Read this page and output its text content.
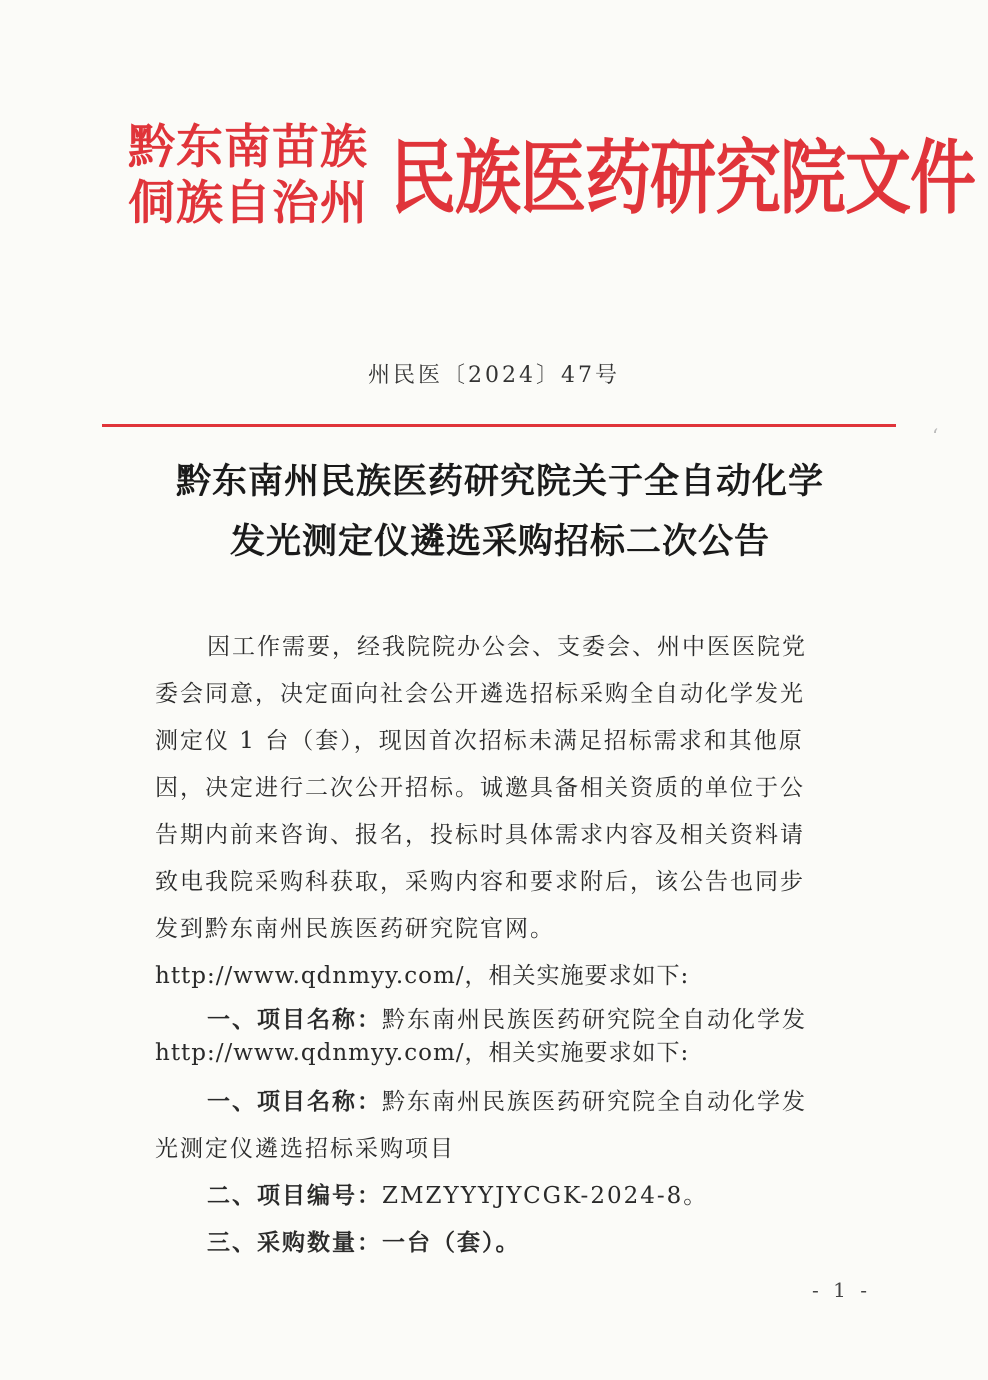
黔东南苗族
侗族自治州 民族医药研究院文件
州民医〔2024〕47号
‘
黔东南州民族医药研究院关于全自动化学
发光测定仪遴选采购招标二次公告
因工作需要，经我院院办公会、支委会、州中医医院党
委会同意，决定面向社会公开遴选招标采购全自动化学发光
测定仪 1 台（套），现因首次招标未满足招标需求和其他原
因，决定进行二次公开招标。诚邀具备相关资质的单位于公
告期内前来咨询、报名，投标时具体需求内容及相关资料请
致电我院采购科获取，采购内容和要求附后，该公告也同步
发到黔东南州民族医药研究院官网。
http://www.qdnmyy.com/，相关实施要求如下:
一、项目名称：黔东南州民族医药研究院全自动化学发
http://www.qdnmyy.com/，相关实施要求如下:
一、项目名称：黔东南州民族医药研究院全自动化学发
光测定仪遴选招标采购项目
二、项目编号：ZMZYYYJYCGK-2024-8。
三、采购数量：一台（套）。
- 1 -
